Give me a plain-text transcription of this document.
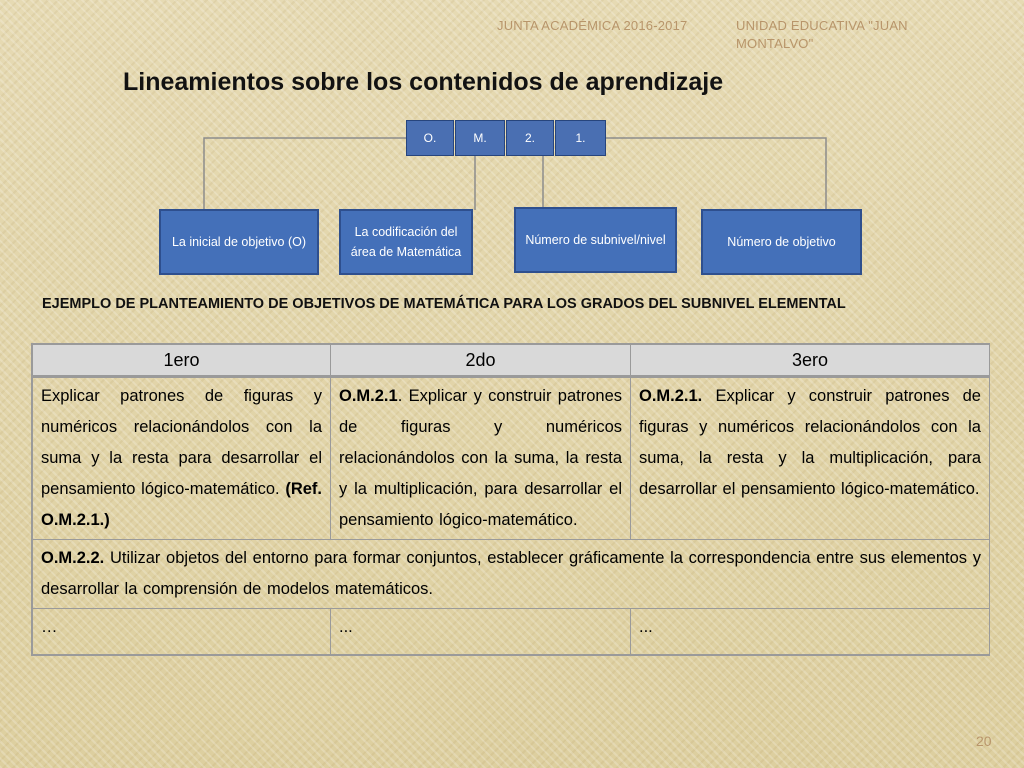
JUNTA ACADÉMICA 2016-2017	UNIDAD EDUCATIVA "JUAN MONTALVO"
Lineamientos sobre los contenidos de aprendizaje
O.	M.	2.	1.
La inicial de objetivo (O)
La codificación del área de Matemática
Número de subnivel/nivel	Número de objetivo
EJEMPLO DE PLANTEAMIENTO DE OBJETIVOS DE MATEMÁTICA PARA LOS GRADOS DEL SUBNIVEL ELEMENTAL
1ero	2do	3ero
Explicar patrones de figuras y numéricos relacionándolos con la suma y la resta para desarrollar el pensamiento lógico-matemático. (Ref. O.M.2.1.)	O.M.2.1. Explicar y construir patrones de figuras y numéricos relacionándolos con la suma, la resta y la multiplicación, para desarrollar el pensamiento lógico-matemático.	O.M.2.1. Explicar y construir patrones de figuras y numéricos relacionándolos con la suma, la resta y la multiplicación, para desarrollar el pensamiento lógico-matemático.
O.M.2.2. Utilizar objetos del entorno para formar conjuntos, establecer gráficamente la correspondencia entre sus elementos y desarrollar la comprensión de modelos matemáticos.		
…	...	...
20
